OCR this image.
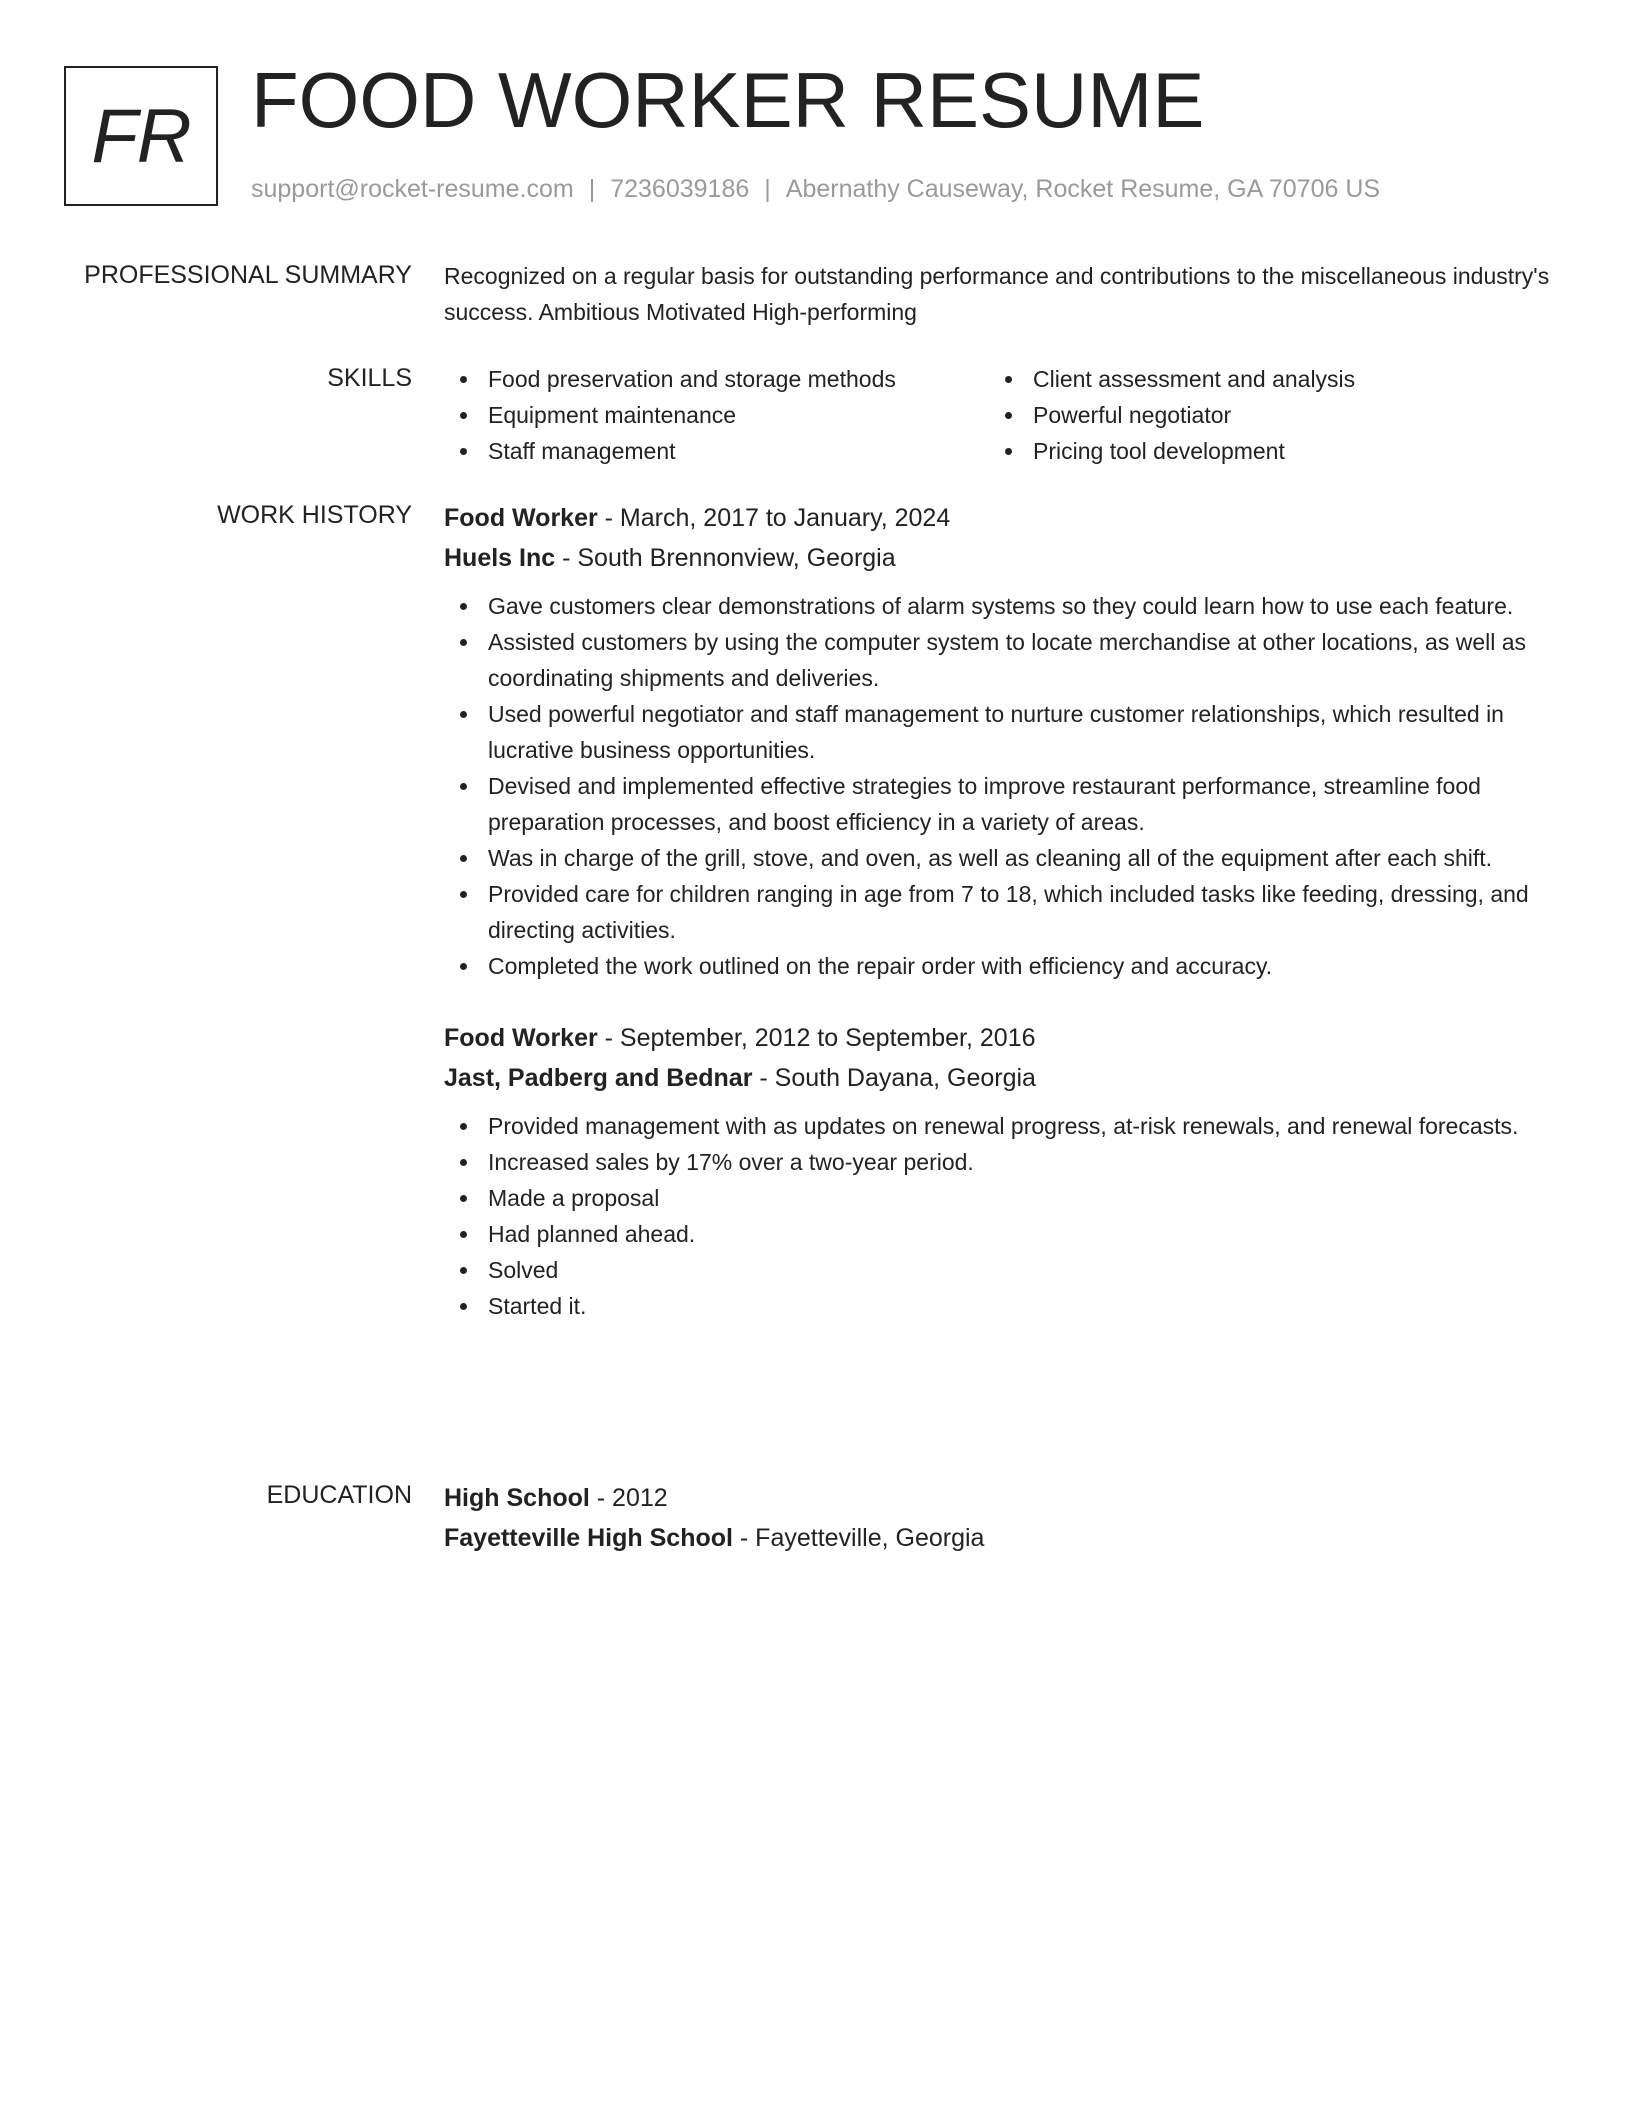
FR FOOD WORKER RESUME
support@rocket-resume.com | 7236039186 | Abernathy Causeway, Rocket Resume, GA 70706 US
PROFESSIONAL SUMMARY Recognized on a regular basis for outstanding performance and contributions to the miscellaneous industry's success. Ambitious Motivated High-performing

SKILLS	Food preservation and storage methods
Equipment maintenance
Staff management
Client assessment and analysis
Powerful negotiator
Pricing tool development
WORK HISTORY Food Worker - March, 2017 to January, 2024
Huels Inc - South Brennonview, Georgia
Gave customers clear demonstrations of alarm systems so they could learn how to use each feature.
Assisted customers by using the computer system to locate merchandise at other locations, as well as coordinating shipments and deliveries.
Used powerful negotiator and staff management to nurture customer relationships, which resulted in lucrative business opportunities.
Devised and implemented effective strategies to improve restaurant performance, streamline food preparation processes, and boost efficiency in a variety of areas.
Was in charge of the grill, stove, and oven, as well as cleaning all of the equipment after each shift.
Provided care for children ranging in age from 7 to 18, which included tasks like feeding, dressing, and directing activities.
Completed the work outlined on the repair order with efficiency and accuracy.
Food Worker - September, 2012 to September, 2016
Jast, Padberg and Bednar - South Dayana, Georgia
Provided management with as updates on renewal progress, at-risk renewals, and renewal forecasts.
Increased sales by 17% over a two-year period.
Made a proposal
Had planned ahead.
Solved
Started it.
EDUCATION High School - 2012
Fayetteville High School - Fayetteville, Georgia
